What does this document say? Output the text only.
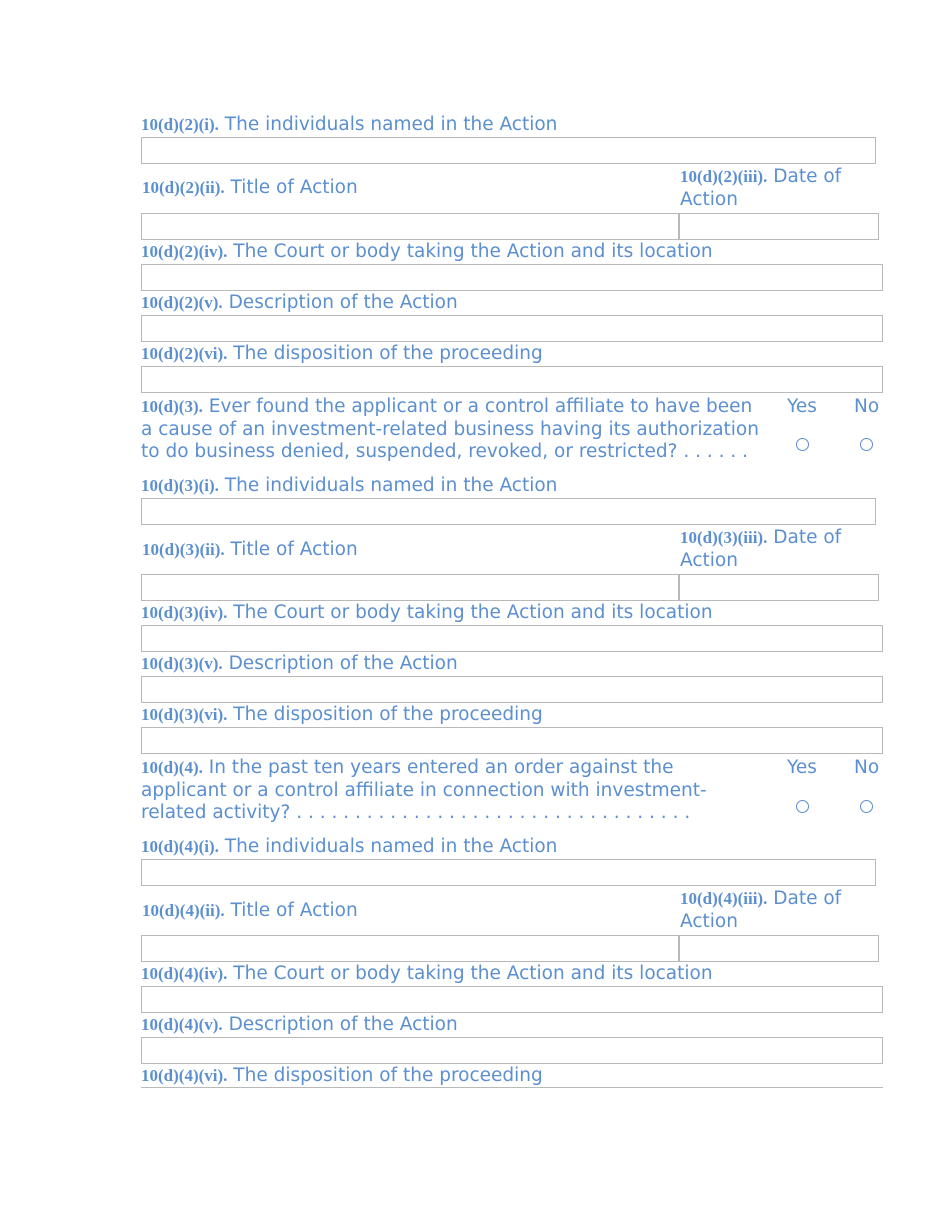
10(d)(2)(i). The individuals named in the Action
10(d)(2)(ii). Title of Action
10(d)(2)(iii). Date of
Action
10(d)(2)(iv). The Court or body taking the Action and its location
10(d)(2)(v). Description of the Action
10(d)(2)(vi). The disposition of the proceeding
10(d)(3). Ever found the applicant or a control affiliate to have been
a cause of an investment-related business having its authorization
to do business denied, suspended, revoked, or restricted? . . . . . .
Yes No
10(d)(3)(i). The individuals named in the Action
10(d)(3)(ii). Title of Action
10(d)(3)(iii). Date of
Action
10(d)(3)(iv). The Court or body taking the Action and its location
10(d)(3)(v). Description of the Action
10(d)(3)(vi). The disposition of the proceeding
10(d)(4). In the past ten years entered an order against the
applicant or a control affiliate in connection with investment-
related activity? . . . . . . . . . . . . . . . . . . . . . . . . . . . . . . . . . .
Yes No
10(d)(4)(i). The individuals named in the Action
10(d)(4)(ii). Title of Action
10(d)(4)(iii). Date of
Action
10(d)(4)(iv). The Court or body taking the Action and its location
10(d)(4)(v). Description of the Action
10(d)(4)(vi). The disposition of the proceeding
